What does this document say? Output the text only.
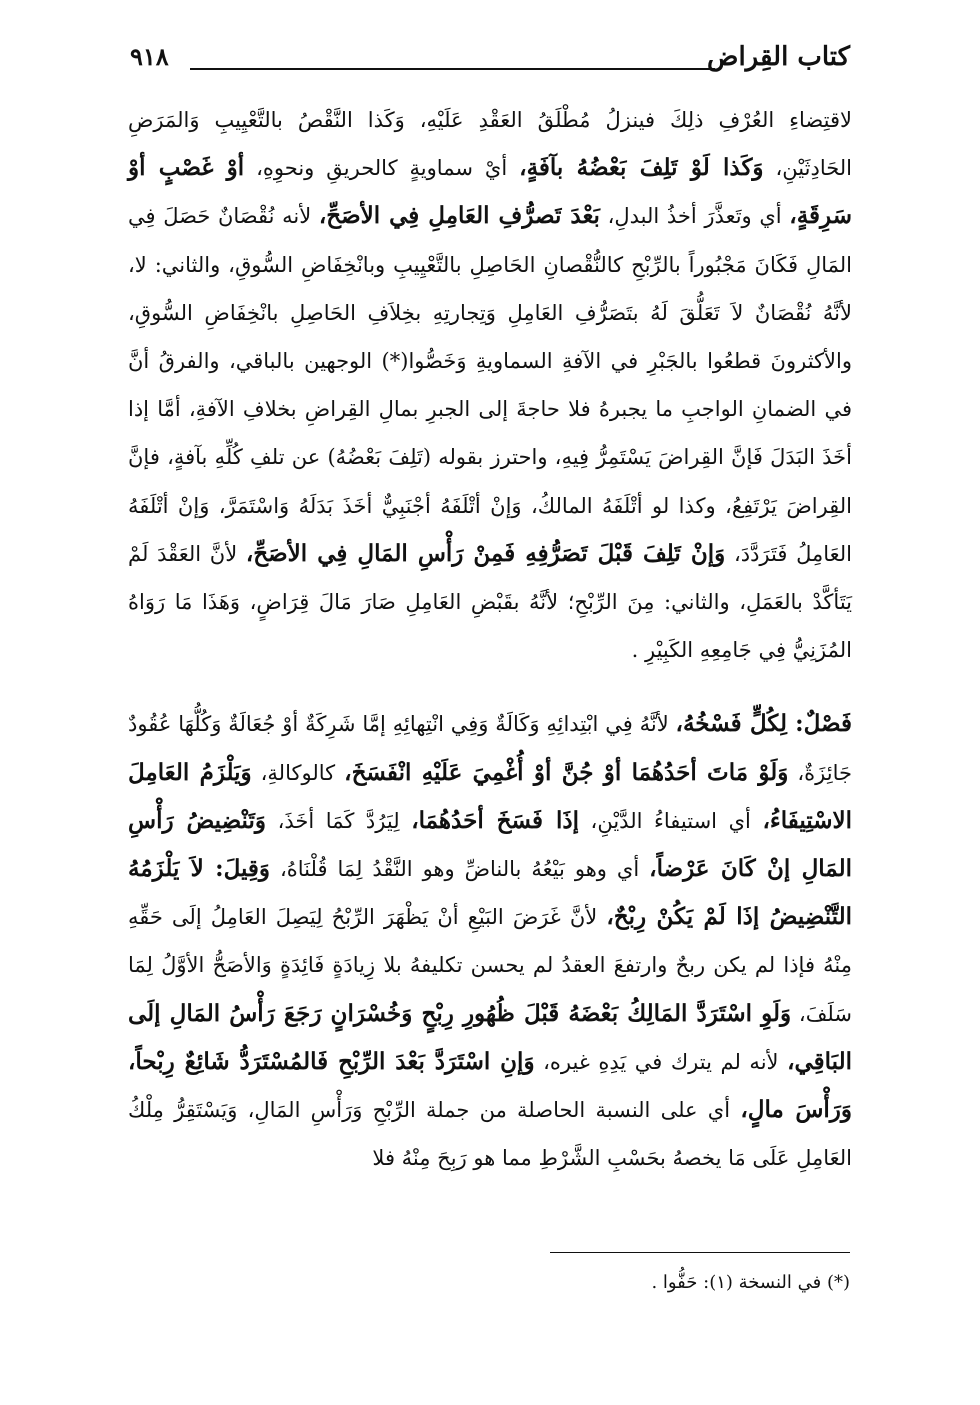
كتاب القِراض
٩١٨

لاقتِضاءِ العُرْفِ ذلِكَ فينزلُ مُطْلَقُ العَقْدِ عَلَيْهِ، وَكَذا النَّقْصُ بالتَّعْيِيبِ وَالمَرَضِ الحَادِثَيْنِ، وَكَذا لَوْ تَلِفَ بَعْضُهُ بآفَةٍ، أيْ سماويةٍ كالحريقِ ونحوِهِ، أوْ غَصْبٍ أوْ سَرِقَةٍ، أي وتَعذَّرَ أخذُ البدلِ، بَعْدَ تَصرُّفِ العَامِلِ فِي الأصَحِّ، لأنه نُقْصَانٌ حَصَلَ فِي المَالِ فَكَانَ مَجْبُوراً بالرِّبْحِ كالنُّقْصانِ الحَاصِلِ بالتَّعْيِيبِ وبانْخِفَاضِ السُّوقِ، والثاني: لا، لأنَّهُ نُقْصَانٌ لاَ تَعَلُّقَ لَهُ بتَصَرُّفِ العَامِلِ وَتِجارتِهِ بخِلاَفِ الحَاصِلِ بانْخِفَاضِ السُّوقِ، والأكثرونَ قطعُوا بالجَبْرِ في الآفةِ السماويةِ وَخَصُّوا(*) الوجهين بالباقي، والفرقُ أنَّ في الضمانِ الواجبِ ما يجبرهُ فلا حاجةَ إلى الجبرِ بمالِ القِراضِ بخلافِ الآفةِ، أمَّا إذا أخَذَ البَدَلَ فَإنَّ القِراضَ يَسْتَمِرُّ فِيهِ، واحترز بقوله (تَلِفَ بَعْضُهُ) عن تلفِ كُلِّهِ بآفةٍ، فإنَّ القِراضَ يَرْتَفِعُ، وكذا لو أتْلَفَهُ المالكُ، وَإنْ أتْلَفَهُ أجْنَبِيٌّ أخَذَ بَدَلَهُ وَاسْتَمَرَّ، وَإنْ أتْلَفَهُ العَامِلُ فَتَرَدَّدَ، وَإنْ تَلِفَ قَبْلَ تَصَرُّفِهِ فَمِنْ رَأْسِ المَالِ فِي الأصَحِّ، لأنَّ العَقْدَ لَمْ يَتَأكَّدْ بالعَمَلِ، والثاني: مِنَ الرِّبْحِ؛ لأنَّهُ بقَبْضِ العَامِلِ صَارَ مَالَ قِرَاضٍ، وَهَذَا مَا رَوَاهُ المُزَنِيُّ فِي جَامِعِهِ الكَبِيْرِ .

فَصْلٌ: لِكُلٍّ فَسْخُهُ، لأنَّهُ فِي ابْتِدائِهِ وَكَالَةٌ وَفِي انْتِهائِهِ إمَّا شَرِكَةٌ أوْ جُعَالَةٌ وَكُلُّهَا عُقُودٌ جَائِزَةٌ، وَلَوْ مَاتَ أحَدُهُمَا أوْ جُنَّ أوْ أُغْمِيَ عَلَيْهِ انْفَسَخَ، كالوكالةِ، وَيَلْزَمُ العَامِلَ الاسْتِيفَاءُ، أي استيفاءُ الدَّيْنِ، إذَا فَسَخَ أحَدُهُمَا، لِيَرُدَّ كَمَا أخَذَ، وَتَنْضِيضُ رَأْسِ المَالِ إنْ كَانَ عَرْضاً، أي وهو بَيْعُهُ بالناضِّ وهو النَّقْدُ لِمَا قُلْنَاهُ، وَقِيلَ: لاَ يَلْزَمُهُ التَّنْضِيضُ إذَا لَمْ يَكُنْ رِبْحٌ، لأنَّ غَرَضَ البَيْعِ أنْ يَظْهَرَ الرِّبْحُ لِيَصِلَ العَامِلُ إلَى حَقِّهِ مِنْهُ فإذا لم يكن ربحٌ وارتفعَ العقدُ لم يحسن تكليفهُ بلا زِيادَةٍ فَائِدَةٍ وَالأصَحُّ الأوَّلُ لِمَا سَلَفَ، وَلَوِ اسْتَرَدَّ المَالِكُ بَعْضَهُ قَبْلَ ظُهُورِ رِبْحٍ وَخُسْرَانٍ رَجَعَ رَأْسُ المَالِ إلَى البَاقِي، لأنه لم يترك في يَدِهِ غيره، وَإنِ اسْتَرَدَّ بَعْدَ الرِّبْحِ فَالمُسْتَرَدُّ شَائِعٌ رِبْحاً، وَرَأْسَ مالٍ، أي على النسبة الحاصلة من جملة الرِّبْحِ وَرَأْسِ المَالِ، وَيَسْتَقِرُّ مِلْكُ العَامِلِ عَلَى مَا يخصهُ بحَسْبِ الشَّرْطِ مما هو رَبِحَ مِنْهُ فلا

(*) في النسخة (١): حَفُّوا .
